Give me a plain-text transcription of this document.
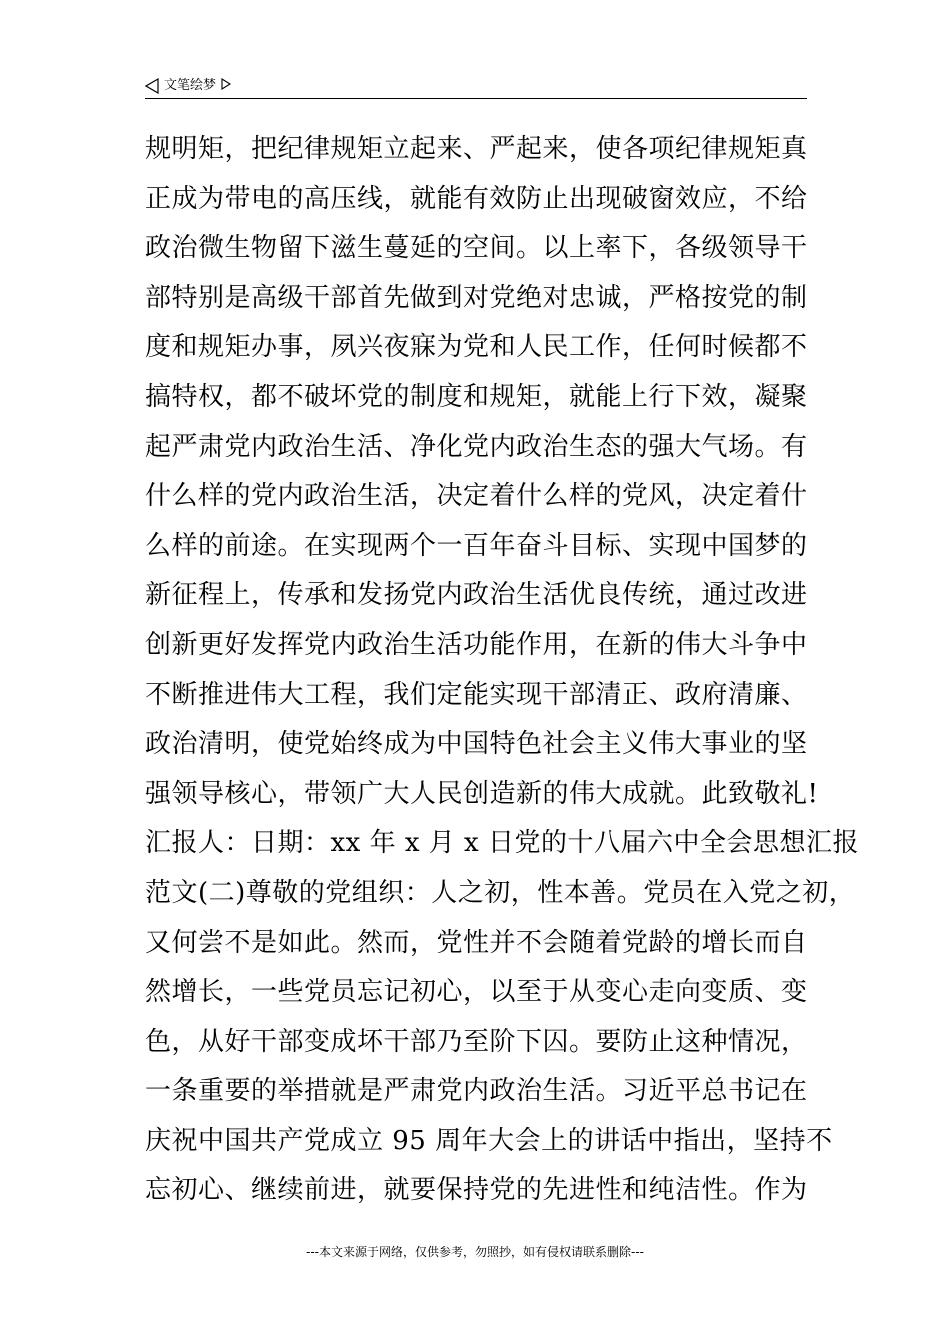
文笔绘梦
规明矩，把纪律规矩立起来、严起来，使各项纪律规矩真
正成为带电的高压线，就能有效防止出现破窗效应，不给
政治微生物留下滋生蔓延的空间。以上率下，各级领导干
部特别是高级干部首先做到对党绝对忠诚，严格按党的制
度和规矩办事，夙兴夜寐为党和人民工作，任何时候都不
搞特权，都不破坏党的制度和规矩，就能上行下效，凝聚
起严肃党内政治生活、净化党内政治生态的强大气场。有
什么样的党内政治生活，决定着什么样的党风，决定着什
么样的前途。在实现两个一百年奋斗目标、实现中国梦的
新征程上，传承和发扬党内政治生活优良传统，通过改进
创新更好发挥党内政治生活功能作用，在新的伟大斗争中
不断推进伟大工程，我们定能实现干部清正、政府清廉、
政治清明，使党始终成为中国特色社会主义伟大事业的坚
强领导核心，带领广大人民创造新的伟大成就。此致敬礼!
汇报人：日期：xx 年 x 月 x 日党的十八届六中全会思想汇报
范文(二)尊敬的党组织：人之初，性本善。党员在入党之初，
又何尝不是如此。然而，党性并不会随着党龄的增长而自
然增长，一些党员忘记初心，以至于从变心走向变质、变
色，从好干部变成坏干部乃至阶下囚。要防止这种情况，
一条重要的举措就是严肃党内政治生活。习近平总书记在
庆祝中国共产党成立 95 周年大会上的讲话中指出，坚持不
忘初心、继续前进，就要保持党的先进性和纯洁性。作为
---本文来源于网络，仅供参考，勿照抄，如有侵权请联系删除---
